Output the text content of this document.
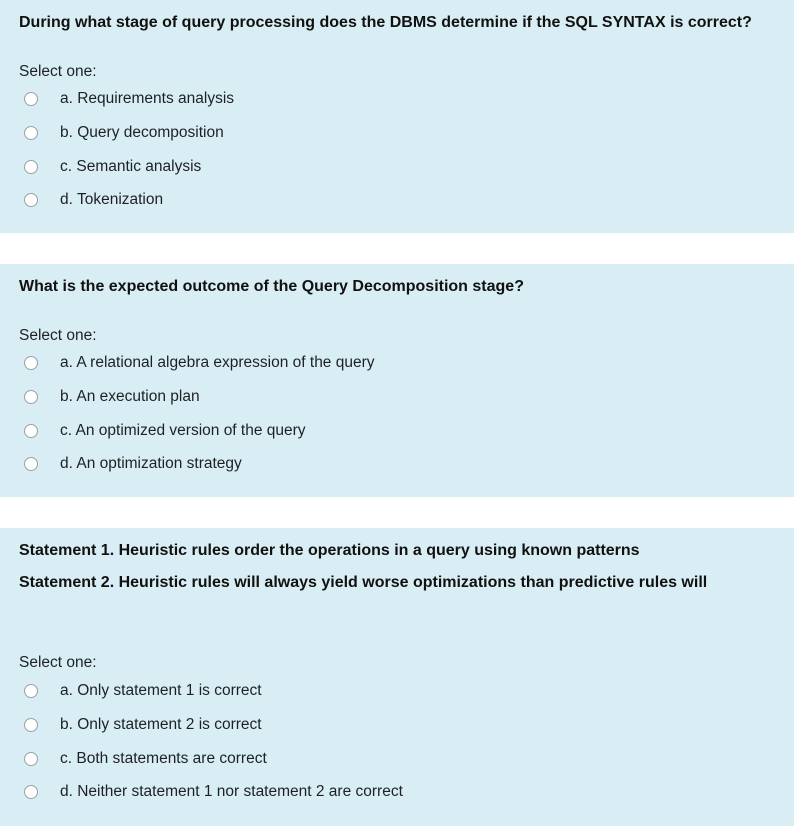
During what stage of query processing does the DBMS determine if the SQL SYNTAX is correct?
Select one:
a. Requirements analysis
b. Query decomposition
c. Semantic analysis
d. Tokenization
What is the expected outcome of the Query Decomposition stage?
Select one:
a. A relational algebra expression of the query
b. An execution plan
c. An optimized version of the query
d. An optimization strategy
Statement 1. Heuristic rules order the operations in a query using known patterns
Statement 2. Heuristic rules will always yield worse optimizations than predictive rules will
Select one:
a. Only statement 1 is correct
b. Only statement 2 is correct
c. Both statements are correct
d. Neither statement 1 nor statement 2 are correct
